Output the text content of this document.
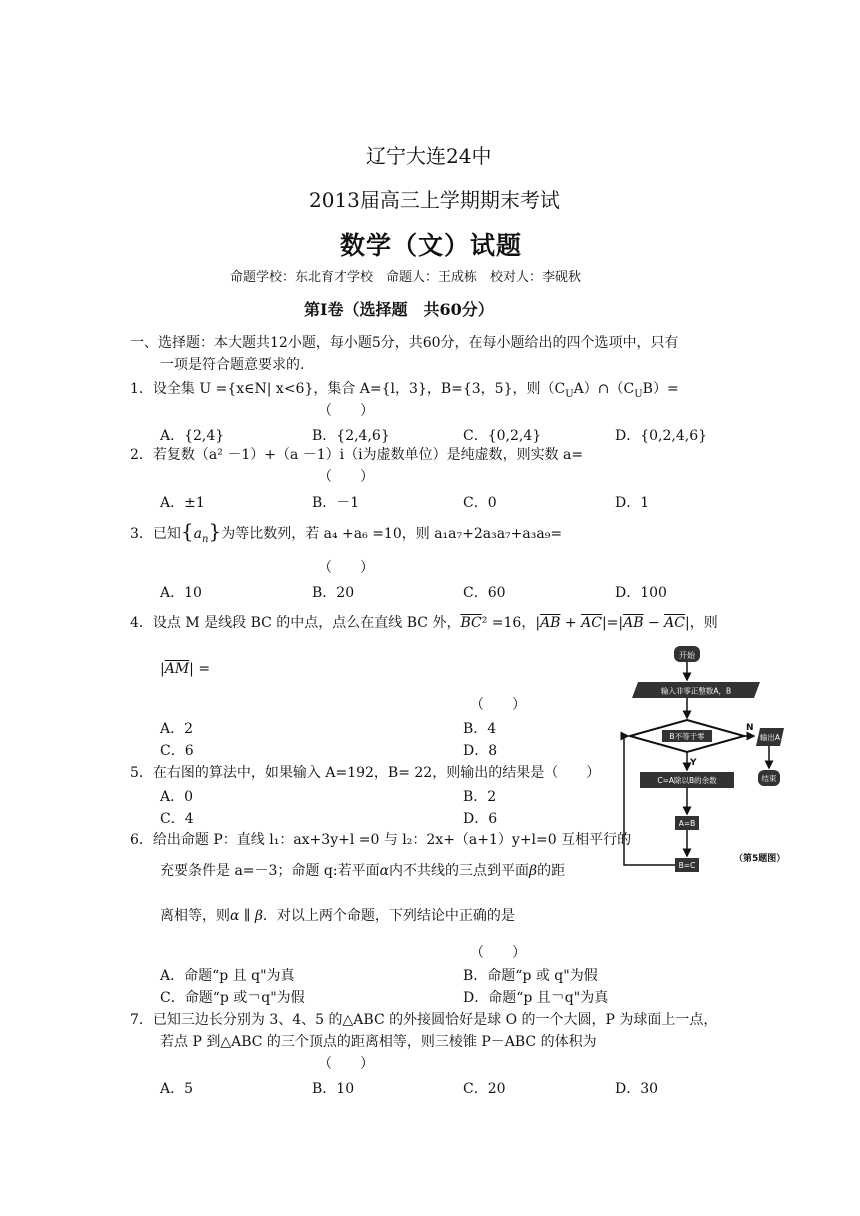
辽宁大连24中
2013届高三上学期期末考试
数学（文）试题
命题学校：东北育才学校　命题人：王成栋　校对人：李砚秋
第Ⅰ卷（选择题　共60分）
一、选择题：本大题共12小题，每小题5分，共60分，在每小题给出的四个选项中，只有
一项是符合题意要求的.
1．设全集 U ={x∈N| x<6}，集合 A={l，3}，B={3，5}，则$(C_UA)\cap(C_UB)=$
（　　）
A．{2,4}	B．{2,4,6}	C．{0,2,4}	D．{0,2,4,6}
2．若复数（a² －1）+（a －1）i（i为虚数单位）是纯虚数，则实数 a=
（　　）
A．±1	B．－1	C．0	D．1
3．已知$\{a_n\}$为等比数列，若 a₄ +a₆ =10，则 a₁a₇+2a₃a₇+a₃a₉=
（　　）
A．10	B．20	C．60	D．100
4．设点 M 是线段 BC 的中点，点么在直线 BC 外，$\overline{BC}^2 =16$，$|\overline{AB} + \overline{AC}|=|\overline{AB} - \overline{AC}|$，则
$|\overline{AM}|$ =
（　　）
A．2	B．4
C．6	D．8
5．在右图的算法中，如果输入 A=192，B= 22，则输出的结果是（　　）
A．0	B．2
C．4	D．6
6．给出命题 P：直线 l₁：ax+3y+l =0 与 l₂：2x+（a+1）y+l=0 互相平行的
充要条件是 a=－3；命题 q:若平面α内不共线的三点到平面β的距
离相等，则α ∥ β．对以上两个命题，下列结论中正确的是
（　　）
A．命题“p 且 q"为真	B．命题“p 或 q"为假
C．命题“p 或￢q"为假	D．命题“p 且￢q"为真
7．已知三边长分别为 3、4、5 的△ABC 的外接圆恰好是球 O 的一个大圆，P 为球面上一点，
若点 P 到△ABC 的三个顶点的距离相等，则三棱锥 P－ABC 的体积为
（　　）
A．5	B．10	C．20	D．30
开始
输入非零正整数A，B
B不等于零
N
输出A
结束
Y
C=A除以B的余数
A=B
B=C
（第5题图）
